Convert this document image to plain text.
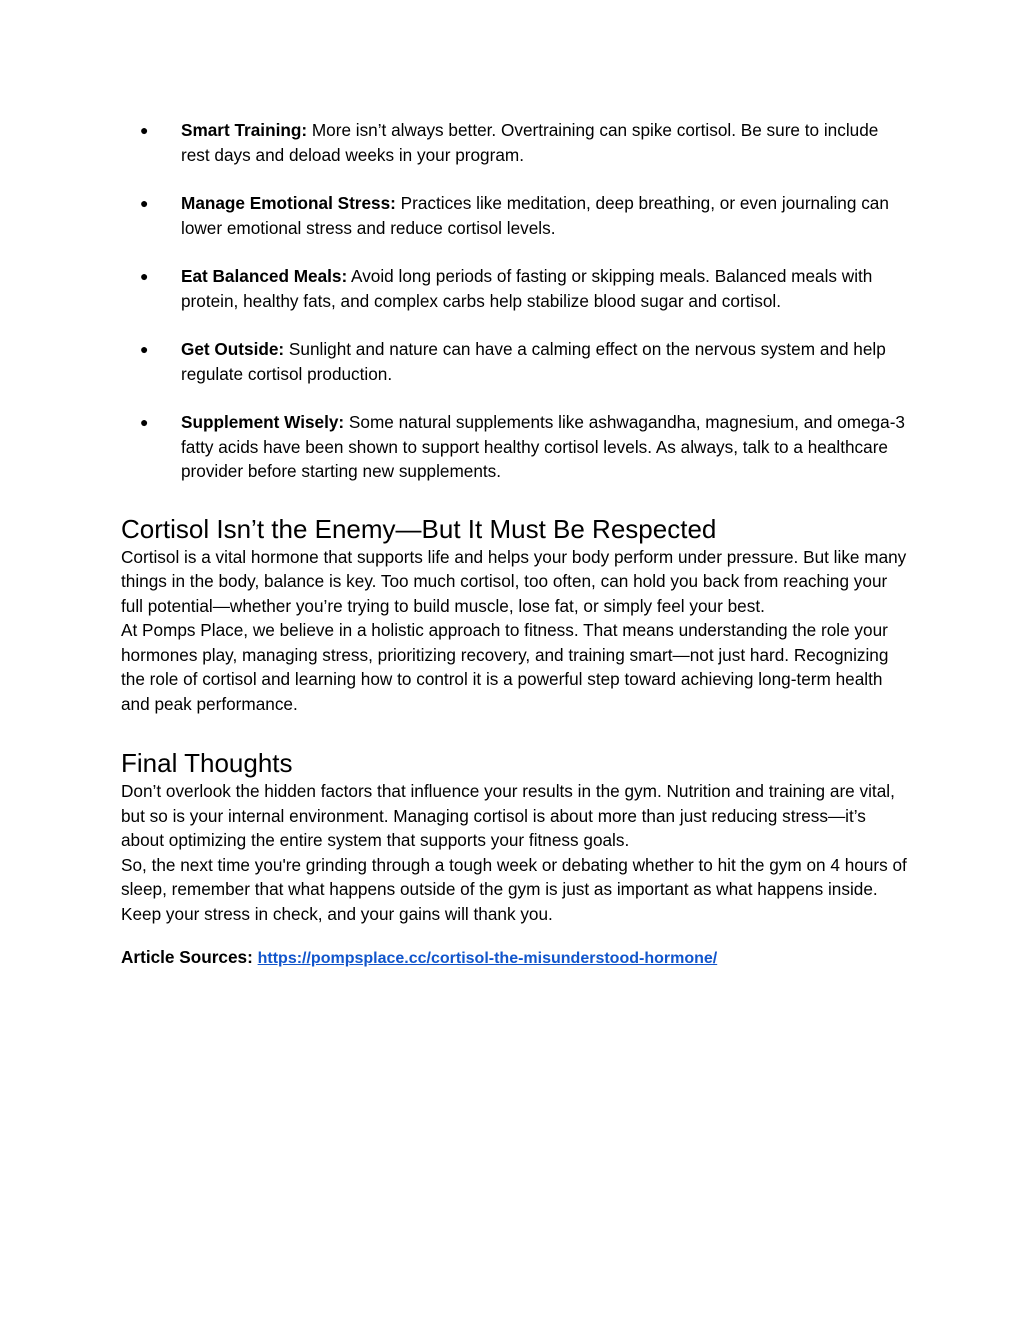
● Smart Training: More isn’t always better. Overtraining can spike cortisol. Be sure to include rest days and deload weeks in your program.
● Manage Emotional Stress: Practices like meditation, deep breathing, or even journaling can lower emotional stress and reduce cortisol levels.
● Eat Balanced Meals: Avoid long periods of fasting or skipping meals. Balanced meals with protein, healthy fats, and complex carbs help stabilize blood sugar and cortisol.
● Get Outside: Sunlight and nature can have a calming effect on the nervous system and help regulate cortisol production.
● Supplement Wisely: Some natural supplements like ashwagandha, magnesium, and omega-3 fatty acids have been shown to support healthy cortisol levels. As always, talk to a healthcare provider before starting new supplements.
Cortisol Isn’t the Enemy—But It Must Be Respected

Cortisol is a vital hormone that supports life and helps your body perform under pressure. But like many things in the body, balance is key. Too much cortisol, too often, can hold you back from reaching your full potential—whether you’re trying to build muscle, lose fat, or simply feel your best.

At Pomps Place, we believe in a holistic approach to fitness. That means understanding the role your hormones play, managing stress, prioritizing recovery, and training smart—not just hard. Recognizing the role of cortisol and learning how to control it is a powerful step toward achieving long-term health and peak performance.

Final Thoughts

Don’t overlook the hidden factors that influence your results in the gym. Nutrition and training are vital, but so is your internal environment. Managing cortisol is about more than just reducing stress—it’s about optimizing the entire system that supports your fitness goals.

So, the next time you're grinding through a tough week or debating whether to hit the gym on 4 hours of sleep, remember that what happens outside of the gym is just as important as what happens inside. Keep your stress in check, and your gains will thank you.

Article Sources: https://pompsplace.cc/cortisol-the-misunderstood-hormone/
